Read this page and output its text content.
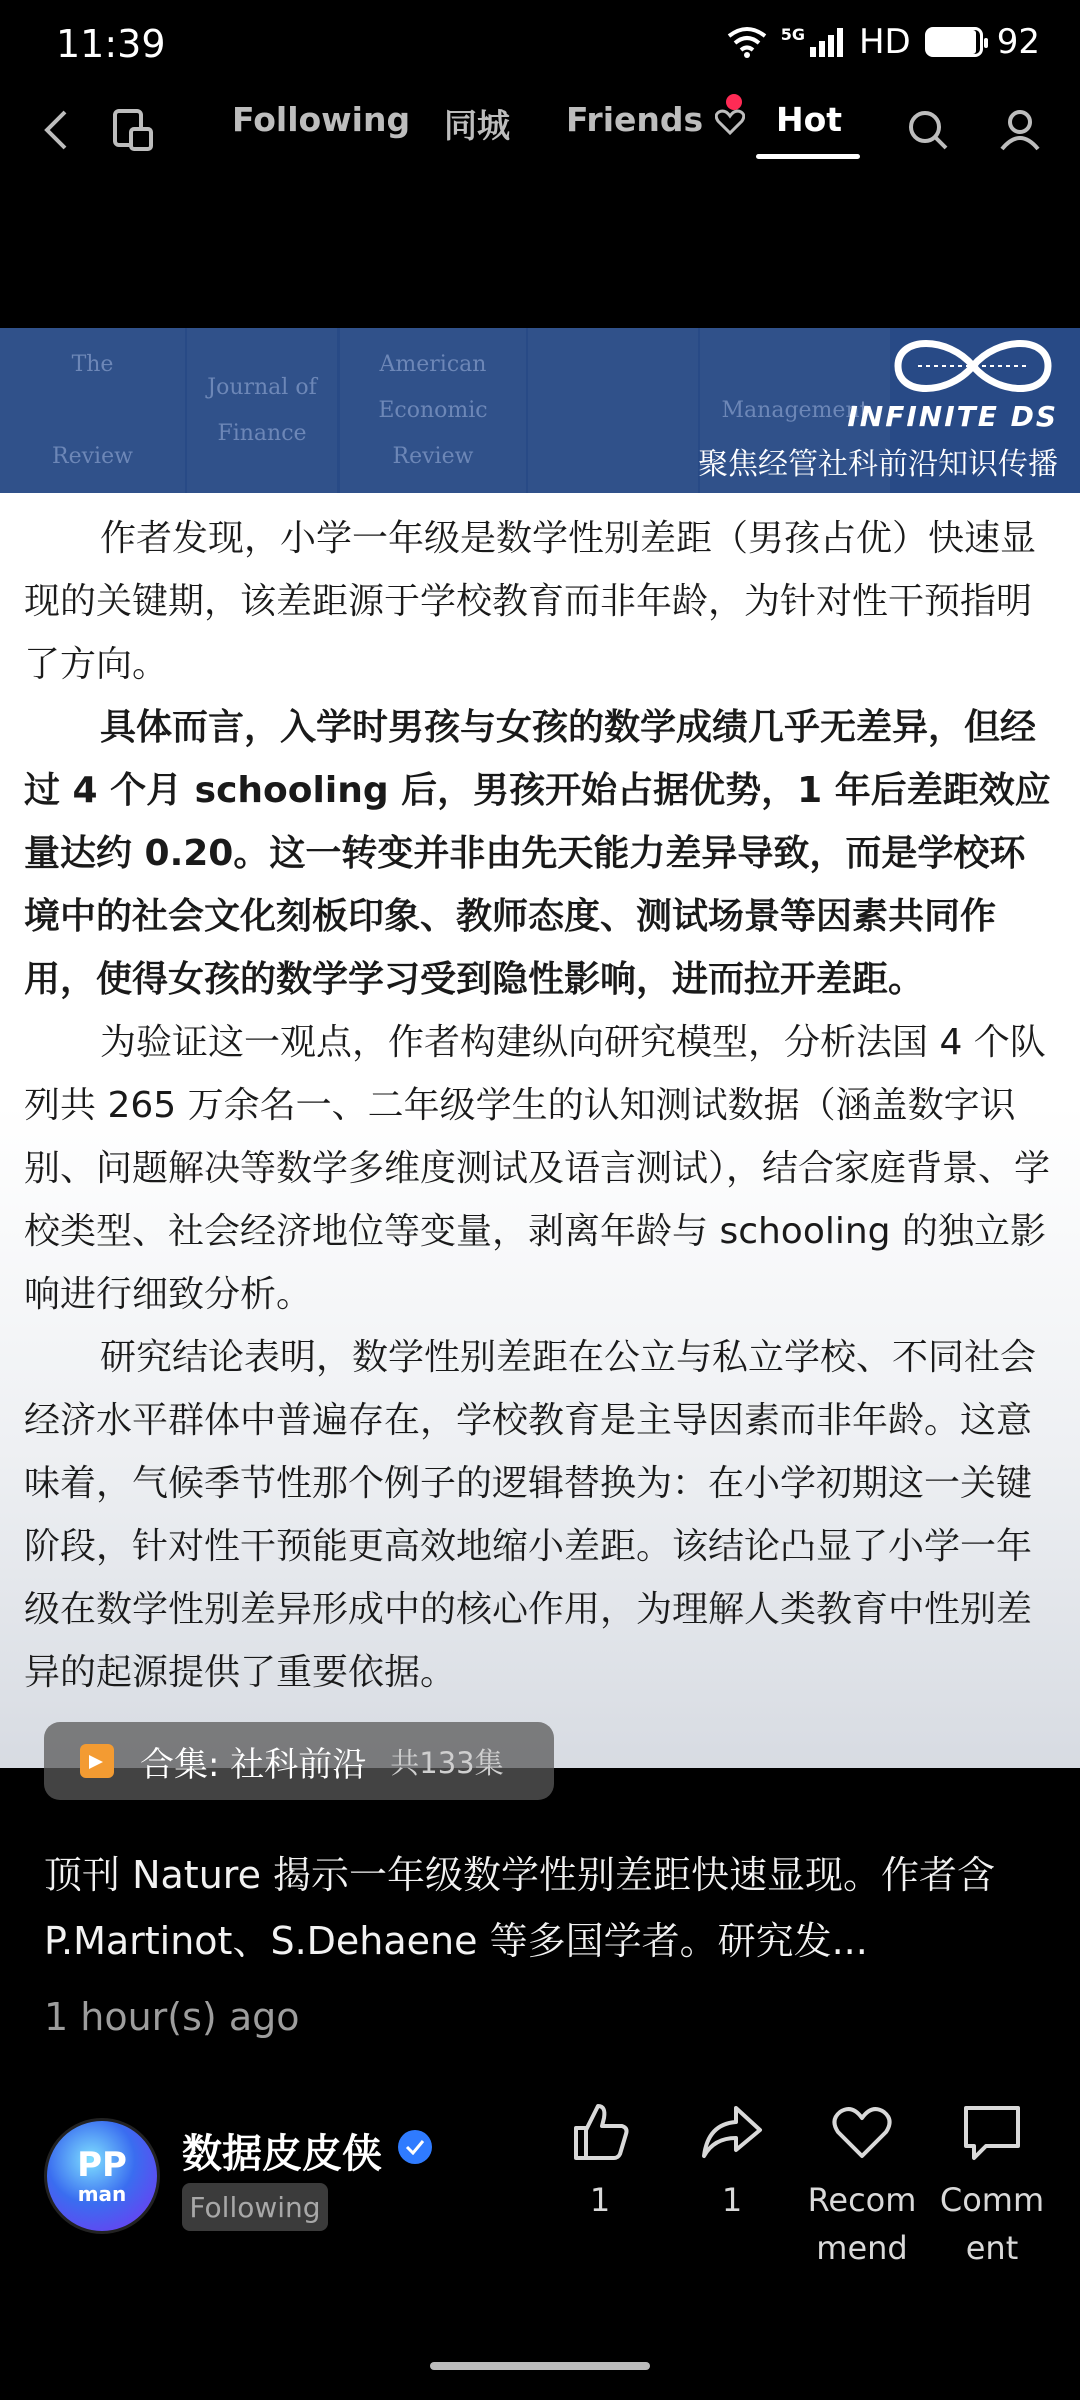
11:39	5G HD	92
Following 同城 Friends	Hot
The

Review
Journal of
Finance
American
Economic
Review
Management
INFINITE DS
聚焦经管社科前沿知识传播

作者发现，小学一年级是数学性别差距（男孩占优）快速显现的关键期，该差距源于学校教育而非年龄，为针对性干预指明了方向。

具体而言，入学时男孩与女孩的数学成绩几乎无差异，但经过 4 个月 schooling 后，男孩开始占据优势，1 年后差距效应量达约 0.20。这一转变并非由先天能力差异导致，而是学校环境中的社会文化刻板印象、教师态度、测试场景等因素共同作用，使得女孩的数学学习受到隐性影响，进而拉开差距。

为验证这一观点，作者构建纵向研究模型，分析法国 4 个队列共 265 万余名一、二年级学生的认知测试数据（涵盖数字识别、问题解决等数学多维度测试及语言测试），结合家庭背景、学校类型、社会经济地位等变量，剥离年龄与 schooling 的独立影响进行细致分析。

研究结论表明，数学性别差距在公立与私立学校、不同社会经济水平群体中普遍存在，学校教育是主导因素而非年龄。这意味着，气候季节性那个例子的逻辑替换为：在小学初期这一关键阶段，针对性干预能更高效地缩小差距。该结论凸显了小学一年级在数学性别差异形成中的核心作用，为理解人类教育中性别差异的起源提供了重要依据。

合集: 社科前沿 共133集
顶刊 Nature 揭示一年级数学性别差距快速显现。作者含 P.Martinot、S.Dehaene 等多国学者。研究发...
1 hour(s) ago
PP
man
数据皮皮侠
Following	1	1	Recom
mend
Comm
ent
